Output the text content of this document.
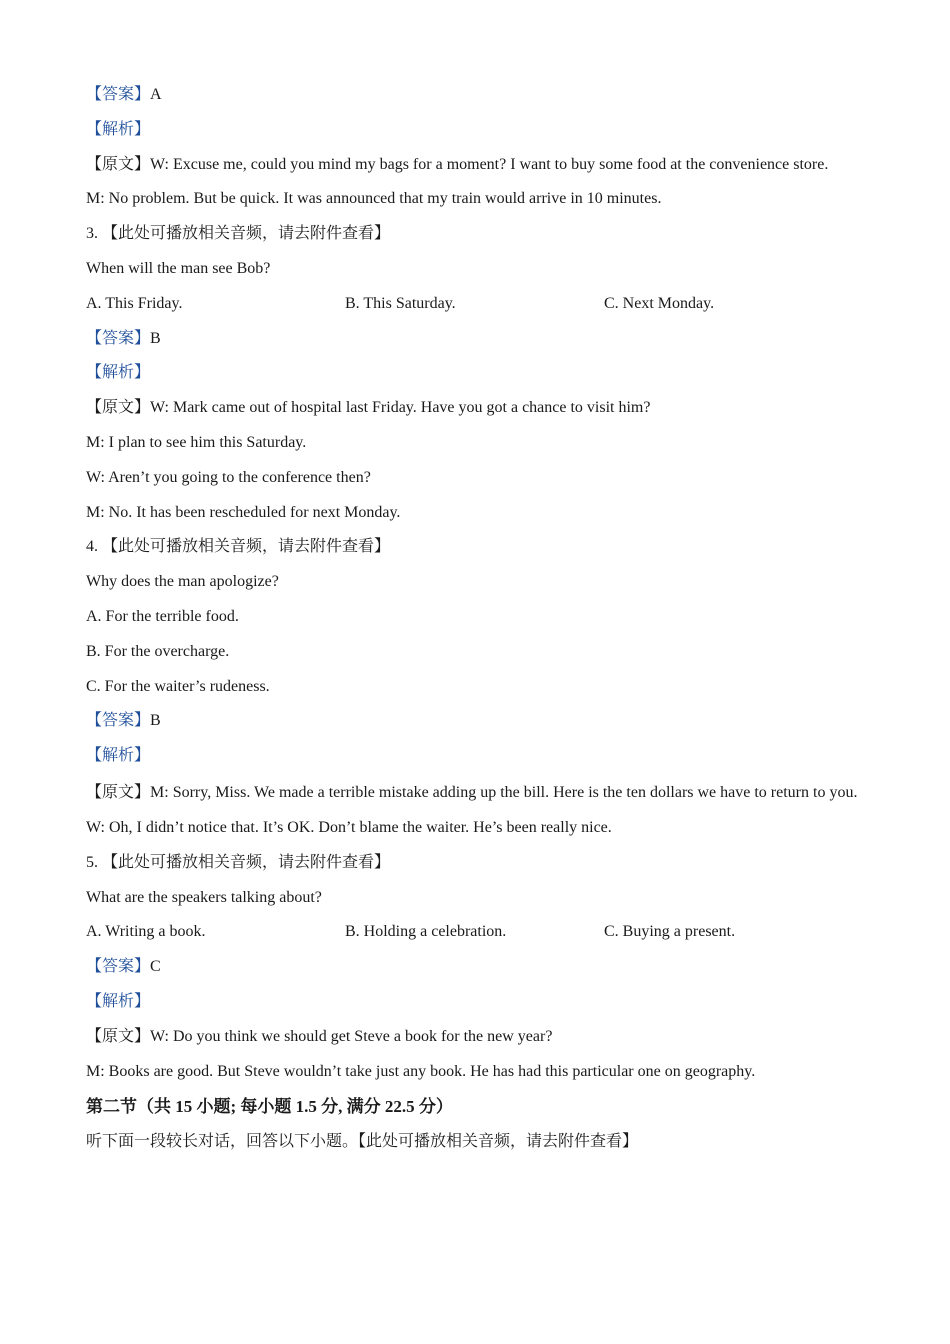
【答案】A
【解析】
【原文】W: Excuse me, could you mind my bags for a moment? I want to buy some food at the convenience store.
M: No problem. But be quick. It was announced that my train would arrive in 10 minutes.
3. 【此处可播放相关音频，请去附件查看】
When will the man see Bob?
A. This Friday.	B. This Saturday.	C. Next Monday.
【答案】B
【解析】
【原文】W: Mark came out of hospital last Friday. Have you got a chance to visit him?
M: I plan to see him this Saturday.
W: Aren’t you going to the conference then?
M: No. It has been rescheduled for next Monday.
4. 【此处可播放相关音频，请去附件查看】
Why does the man apologize?
A. For the terrible food.
B. For the overcharge.
C. For the waiter’s rudeness.
【答案】B
【解析】
【原文】M: Sorry, Miss. We made a terrible mistake adding up the bill. Here is the ten dollars we have to return to you.
W: Oh, I didn’t notice that. It’s OK. Don’t blame the waiter. He’s been really nice.
5. 【此处可播放相关音频，请去附件查看】
What are the speakers talking about?
A. Writing a book.	B. Holding a celebration.	C. Buying a present.
【答案】C
【解析】
【原文】W: Do you think we should get Steve a book for the new year?
M: Books are good. But Steve wouldn’t take just any book. He has had this particular one on geography.
第二节（共 15 小题; 每小题 1.5 分, 满分 22.5 分）
听下面一段较长对话，回答以下小题。【此处可播放相关音频，请去附件查看】
